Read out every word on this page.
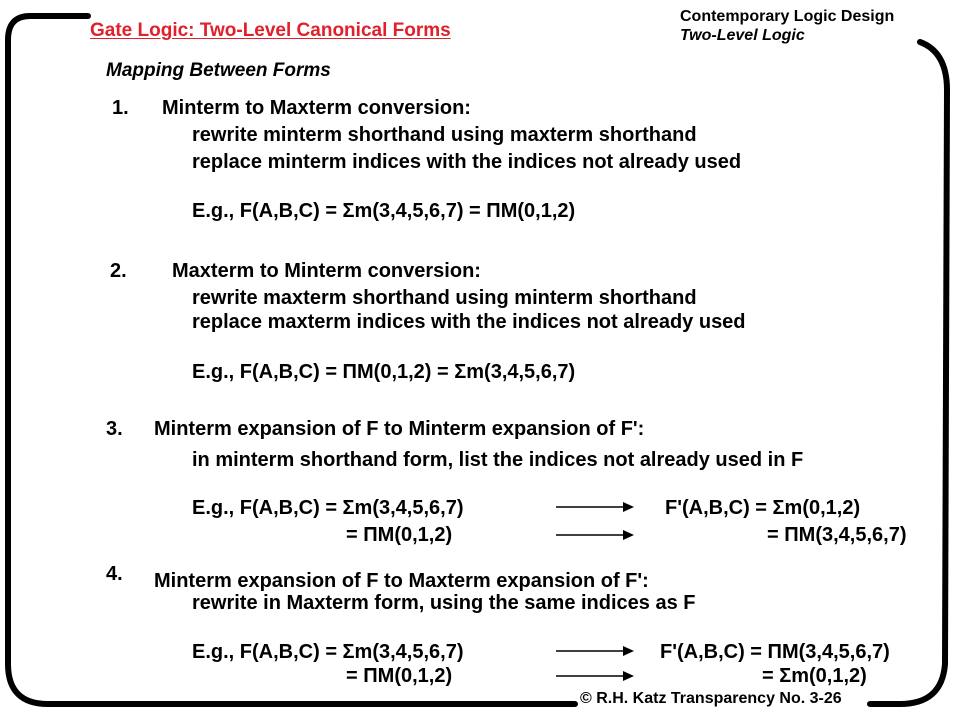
Gate Logic: Two-Level Canonical Forms
Contemporary Logic Design
Two-Level Logic
Mapping Between Forms
1. Minterm to Maxterm conversion:
rewrite minterm shorthand using maxterm shorthand
replace minterm indices with the indices not already used
E.g., F(A,B,C) = Σm(3,4,5,6,7) = ΠM(0,1,2)
2. Maxterm to Minterm conversion:
rewrite maxterm shorthand using minterm shorthand
replace maxterm indices with the indices not already used
E.g., F(A,B,C) = ΠM(0,1,2) = Σm(3,4,5,6,7)
3. Minterm expansion of F to Minterm expansion of F':
in minterm shorthand form, list the indices not already used in F
E.g., F(A,B,C) = Σm(3,4,5,6,7)
= ΠM(0,1,2)
F'(A,B,C) = Σm(0,1,2)
= ΠM(3,4,5,6,7)
4. Minterm expansion of F to Maxterm expansion of F':
rewrite in Maxterm form, using the same indices as F
E.g., F(A,B,C) = Σm(3,4,5,6,7)
= ΠM(0,1,2)
F'(A,B,C) = ΠM(3,4,5,6,7)
= Σm(0,1,2)
© R.H. Katz Transparency No. 3-26
